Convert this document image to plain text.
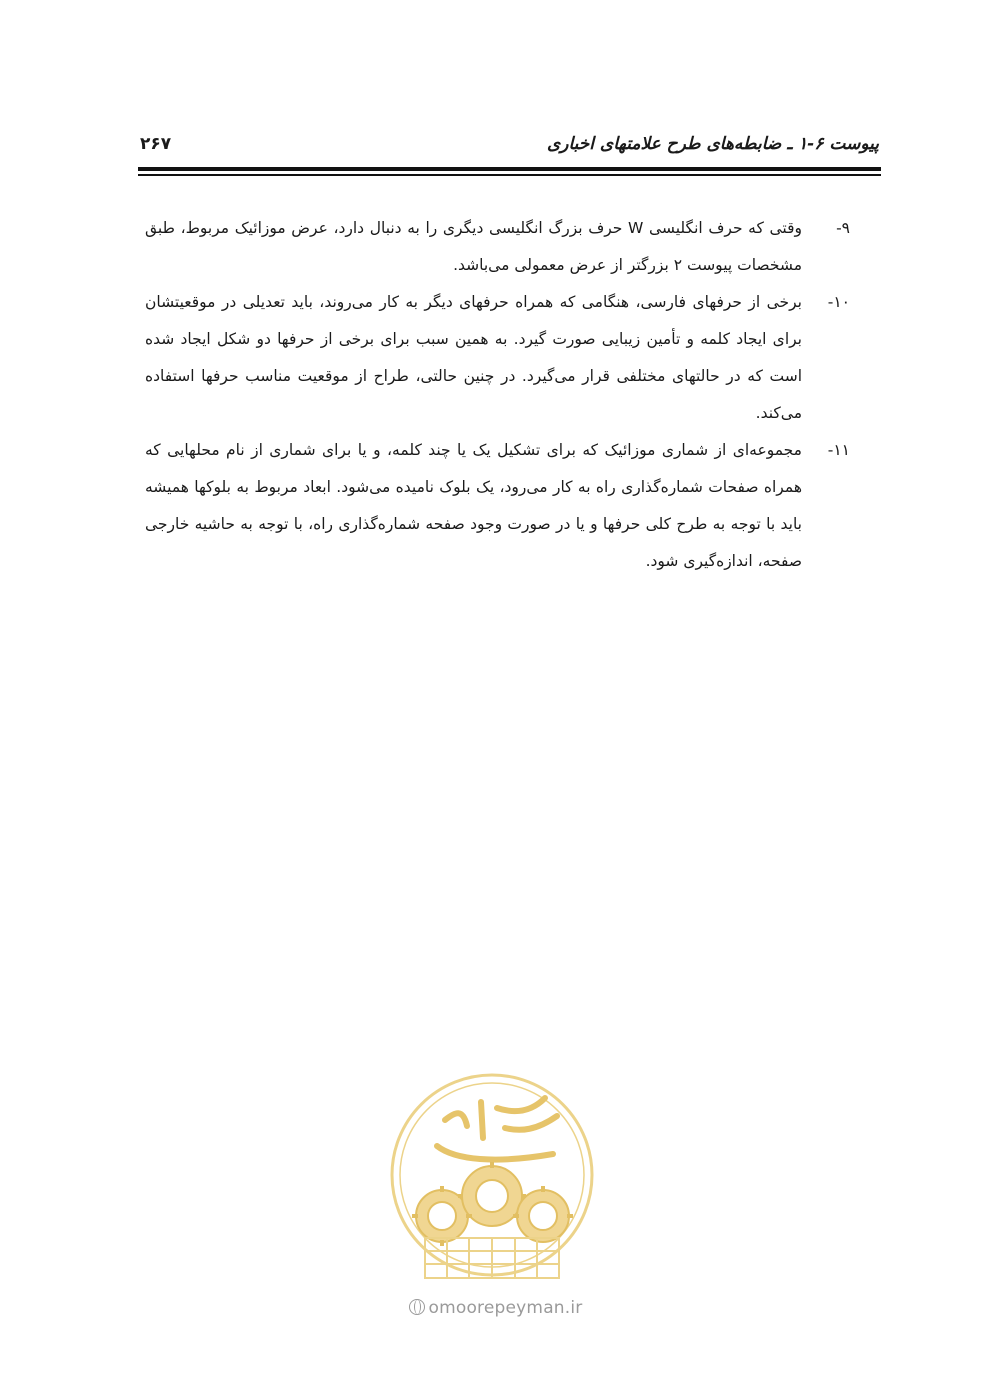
پیوست ۶-۱ ـ ضابطه‌های طرح علامتهای اخباری
۲۶۷
۹-
وقتی که حرف انگلیسی W حرف بزرگ انگلیسی دیگری را به دنبال دارد، عرض موزائیک مربوط، طبق مشخصات پیوست ۲ بزرگتر از عرض معمولی می‌باشد.
۱۰-
برخی از حرفهای فارسی، هنگامی که همراه حرفهای دیگر به کار می‌روند، باید تعدیلی در موقعیتشان برای ایجاد کلمه و تأمین زیبایی صورت گیرد. به همین سبب برای برخی از حرفها دو شکل ایجاد شده است که در حالتهای مختلفی قرار می‌گیرد. در چنین حالتی، طراح از موقعیت مناسب حرفها استفاده می‌کند.
۱۱-
مجموعه‌ای از شماری موزائیک که برای تشکیل یک یا چند کلمه، و یا برای شماری از نام محلهایی که همراه صفحات شماره‌گذاری راه به کار می‌رود، یک بلوک نامیده می‌شود. ابعاد مربوط به بلوکها همیشه باید با توجه به طرح کلی حرفها و یا در صورت وجود صفحه شماره‌گذاری راه، با توجه به حاشیه خارجی صفحه، اندازه‌گیری شود.
omoorepeyman.ir
